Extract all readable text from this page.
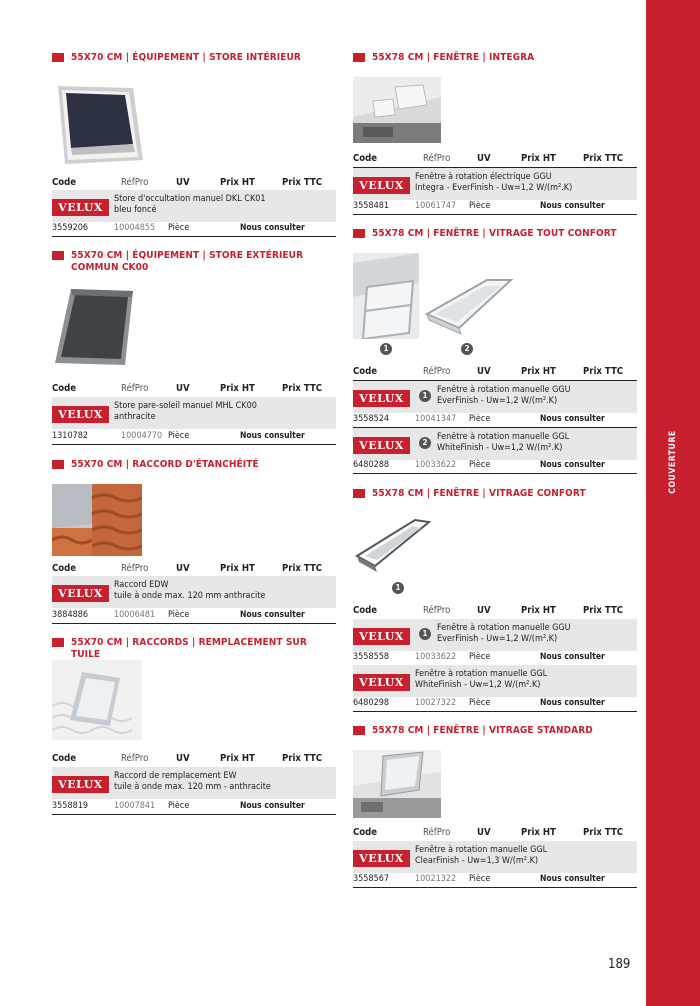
55X70 CM | ÉQUIPEMENT | STORE INTÉRIEUR
Code	RéfPro	UV	Prix HT	Prix TTC
VELUX
Store d'occultation manuel DKL CK01
bleu foncé
3559206	10004855 Pièce	Nous consulter
55X70 CM | ÉQUIPEMENT | STORE EXTÉRIEUR
COMMUN CK00
Code	RéfPro	UV	Prix HT	Prix TTC
VELUX
Store pare-soleil manuel MHL CK00
anthracite
1310782	10004770 Pièce	Nous consulter
55X70 CM | RACCORD D'ÉTANCHÉITÉ
Code	RéfPro	UV	Prix HT	Prix TTC
VELUX
Raccord EDW
tuile à onde max. 120 mm anthracite
3884886	10006481 Pièce	Nous consulter
55X70 CM | RACCORDS | REMPLACEMENT SUR TUILE
Code	RéfPro	UV	Prix HT	Prix TTC
VELUX
Raccord de remplacement EW
tuile à onde max. 120 mm - anthracite
3558819	10007841 Pièce	Nous consulter
55X78 CM | FENÊTRE | INTEGRA
Code	RéfPro	UV	Prix HT	Prix TTC
VELUX
Fenêtre à rotation électrique GGU
Integra - EverFinish - Uw=1,2 W/(m².K)
3558481	10061747 Pièce	Nous consulter
55X78 CM | FENÊTRE | VITRAGE TOUT CONFORT
1	2
Code	RéfPro	UV	Prix HT	Prix TTC
VELUX	1
Fenêtre à rotation manuelle GGU
EverFinish - Uw=1,2 W/(m².K)
3558524	10041347 Pièce	Nous consulter
VELUX	2
Fenêtre à rotation manuelle GGL
WhiteFinish - Uw=1,2 W/(m².K)
6480288	10033622 Pièce	Nous consulter
55X78 CM | FENÊTRE | VITRAGE CONFORT
1
Code	RéfPro	UV	Prix HT	Prix TTC
VELUX	1
Fenêtre à rotation manuelle GGU
EverFinish - Uw=1,2 W/(m².K)
3558558	10033622 Pièce	Nous consulter
VELUX
Fenêtre à rotation manuelle GGL
WhiteFinish - Uw=1,2 W/(m².K)
6480298	10027322 Pièce	Nous consulter
55X78 CM | FENÊTRE | VITRAGE STANDARD
Code	RéfPro	UV	Prix HT	Prix TTC
VELUX
Fenêtre à rotation manuelle GGL
ClearFinish - Uw=1,3 W/(m².K)
3558567	10021322 Pièce	Nous consulter
COUVERTURE
189
